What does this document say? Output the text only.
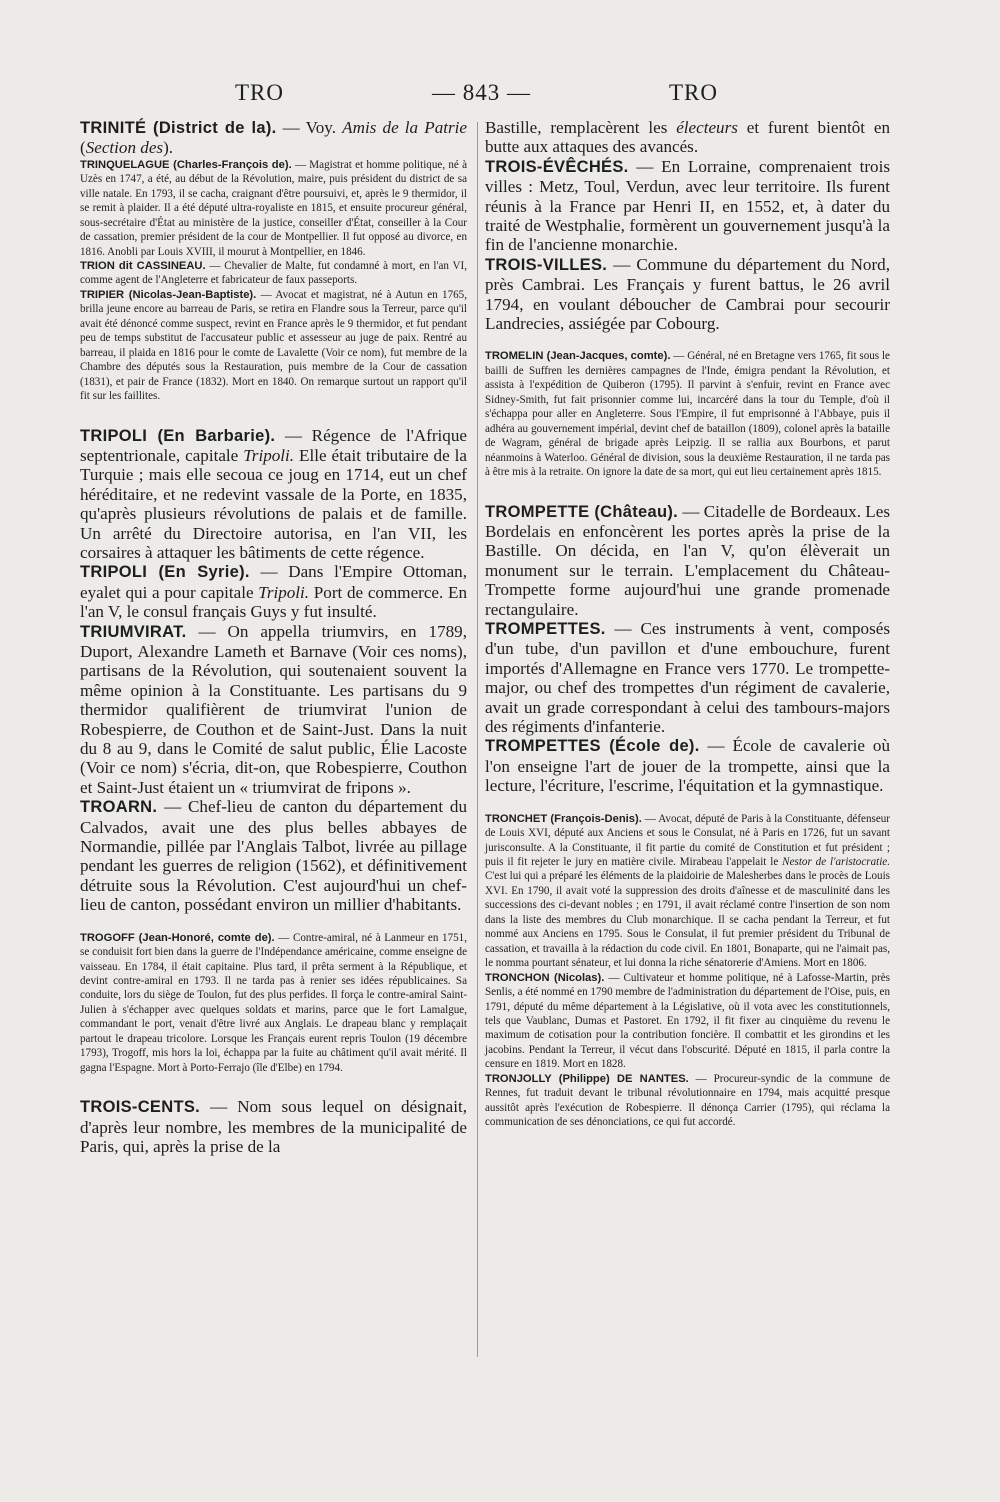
TRO	— 843 —	TRO

TRINITÉ (District de la). — Voy. Amis de la Patrie (Section des).

TRINQUELAGUE (Charles-François de). — Magistrat et homme politique, né à Uzès en 1747, a été, au début de la Révolution, maire, puis président du district de sa ville natale. En 1793, il se cacha, craignant d'être poursuivi, et, après le 9 thermidor, il se remit à plaider. Il a été député ultra-royaliste en 1815, et ensuite procureur général, sous-secrétaire d'État au ministère de la justice, conseiller d'État, conseiller à la Cour de cassation, premier président de la cour de Montpellier. Il fut opposé au divorce, en 1816. Anobli par Louis XVIII, il mourut à Montpellier, en 1846.

TRION dit CASSINEAU. — Chevalier de Malte, fut condamné à mort, en l'an VI, comme agent de l'Angleterre et fabricateur de faux passeports.

TRIPIER (Nicolas-Jean-Baptiste). — Avocat et magistrat, né à Autun en 1765, brilla jeune encore au barreau de Paris, se retira en Flandre sous la Terreur, parce qu'il avait été dénoncé comme suspect, revint en France après le 9 thermidor, et fut pendant peu de temps substitut de l'accusateur public et assesseur au juge de paix. Rentré au barreau, il plaida en 1816 pour le comte de Lavalette (Voir ce nom), fut membre de la Chambre des députés sous la Restauration, puis membre de la Cour de cassation (1831), et pair de France (1832). Mort en 1840. On remarque surtout un rapport qu'il fit sur les faillites.

TRIPOLI (En Barbarie). — Régence de l'Afrique septentrionale, capitale Tripoli. Elle était tributaire de la Turquie ; mais elle secoua ce joug en 1714, eut un chef héréditaire, et ne redevint vassale de la Porte, en 1835, qu'après plusieurs révolutions de palais et de famille. Un arrêté du Directoire autorisa, en l'an VII, les corsaires à attaquer les bâtiments de cette régence.

TRIPOLI (En Syrie). — Dans l'Empire Ottoman, eyalet qui a pour capitale Tripoli. Port de commerce. En l'an V, le consul français Guys y fut insulté.

TRIUMVIRAT. — On appella triumvirs, en 1789, Duport, Alexandre Lameth et Barnave (Voir ces noms), partisans de la Révolution, qui soutenaient souvent la même opinion à la Constituante. Les partisans du 9 thermidor qualifièrent de triumvirat l'union de Robespierre, de Couthon et de Saint-Just. Dans la nuit du 8 au 9, dans le Comité de salut public, Élie Lacoste (Voir ce nom) s'écria, dit-on, que Robespierre, Couthon et Saint-Just étaient un « triumvirat de fripons ».

TROARN. — Chef-lieu de canton du département du Calvados, avait une des plus belles abbayes de Normandie, pillée par l'Anglais Talbot, livrée au pillage pendant les guerres de religion (1562), et définitivement détruite sous la Révolution. C'est aujourd'hui un chef-lieu de canton, possédant environ un millier d'habitants.

TROGOFF (Jean-Honoré, comte de). — Contre-amiral, né à Lanmeur en 1751, se conduisit fort bien dans la guerre de l'Indépendance américaine, comme enseigne de vaisseau. En 1784, il était capitaine. Plus tard, il prêta serment à la République, et devint contre-amiral en 1793. Il ne tarda pas à renier ses idées républicaines. Sa conduite, lors du siège de Toulon, fut des plus perfides. Il força le contre-amiral Saint-Julien à s'échapper avec quelques soldats et marins, parce que le fort Lamalgue, commandant le port, venait d'être livré aux Anglais. Le drapeau blanc y remplaçait partout le drapeau tricolore. Lorsque les Français eurent repris Toulon (19 décembre 1793), Trogoff, mis hors la loi, échappa par la fuite au châtiment qu'il avait mérité. Il gagna l'Espagne. Mort à Porto-Ferrajo (île d'Elbe) en 1794.

TROIS-CENTS. — Nom sous lequel on désignait, d'après leur nombre, les membres de la municipalité de Paris, qui, après la prise de la

Bastille, remplacèrent les électeurs et furent bientôt en butte aux attaques des avancés.

TROIS-ÉVÊCHÉS. — En Lorraine, comprenaient trois villes : Metz, Toul, Verdun, avec leur territoire. Ils furent réunis à la France par Henri II, en 1552, et, à dater du traité de Westphalie, formèrent un gouvernement jusqu'à la fin de l'ancienne monarchie.

TROIS-VILLES. — Commune du département du Nord, près Cambrai. Les Français y furent battus, le 26 avril 1794, en voulant déboucher de Cambrai pour secourir Landrecies, assiégée par Cobourg.

TROMELIN (Jean-Jacques, comte). — Général, né en Bretagne vers 1765, fit sous le bailli de Suffren les dernières campagnes de l'Inde, émigra pendant la Révolution, et assista à l'expédition de Quiberon (1795). Il parvint à s'enfuir, revint en France avec Sidney-Smith, fut fait prisonnier comme lui, incarcéré dans la tour du Temple, d'où il s'échappa pour aller en Angleterre. Sous l'Empire, il fut emprisonné à l'Abbaye, puis il adhéra au gouvernement impérial, devint chef de bataillon (1809), colonel après la bataille de Wagram, général de brigade après Leipzig. Il se rallia aux Bourbons, et parut néanmoins à Waterloo. Général de division, sous la deuxième Restauration, il ne tarda pas à être mis à la retraite. On ignore la date de sa mort, qui eut lieu certainement après 1815.

TROMPETTE (Château). — Citadelle de Bordeaux. Les Bordelais en enfoncèrent les portes après la prise de la Bastille. On décida, en l'an V, qu'on élèverait un monument sur le terrain. L'emplacement du Château-Trompette forme aujourd'hui une grande promenade rectangulaire.

TROMPETTES. — Ces instruments à vent, composés d'un tube, d'un pavillon et d'une embouchure, furent importés d'Allemagne en France vers 1770. Le trompette-major, ou chef des trompettes d'un régiment de cavalerie, avait un grade correspondant à celui des tambours-majors des régiments d'infanterie.

TROMPETTES (École de). — École de cavalerie où l'on enseigne l'art de jouer de la trompette, ainsi que la lecture, l'écriture, l'escrime, l'équitation et la gymnastique.

TRONCHET (François-Denis). — Avocat, député de Paris à la Constituante, défenseur de Louis XVI, député aux Anciens et sous le Consulat, né à Paris en 1726, fut un savant jurisconsulte. A la Constituante, il fit partie du comité de Constitution et fut président ; puis il fit rejeter le jury en matière civile. Mirabeau l'appelait le Nestor de l'aristocratie. C'est lui qui a préparé les éléments de la plaidoirie de Malesherbes dans le procès de Louis XVI. En 1790, il avait voté la suppression des droits d'aînesse et de masculinité dans les successions des ci-devant nobles ; en 1791, il avait réclamé contre l'insertion de son nom dans la liste des membres du Club monarchique. Il se cacha pendant la Terreur, et fut nommé aux Anciens en 1795. Sous le Consulat, il fut premier président du Tribunal de cassation, et travailla à la rédaction du code civil. En 1801, Bonaparte, qui ne l'aimait pas, le nomma pourtant sénateur, et lui donna la riche sénatorerie d'Amiens. Mort en 1806.

TRONCHON (Nicolas). — Cultivateur et homme politique, né à Lafosse-Martin, près Senlis, a été nommé en 1790 membre de l'administration du département de l'Oise, puis, en 1791, député du même département à la Législative, où il vota avec les constitutionnels, tels que Vaublanc, Dumas et Pastoret. En 1792, il fit fixer au cinquième du revenu le maximum de cotisation pour la contribution foncière. Il combattit et les girondins et les jacobins. Pendant la Terreur, il vécut dans l'obscurité. Député en 1815, il parla contre la censure en 1819. Mort en 1828.

TRONJOLLY (Philippe) DE NANTES. — Procureur-syndic de la commune de Rennes, fut traduit devant le tribunal révolutionnaire en 1794, mais acquitté presque aussitôt après l'exécution de Robespierre. Il dénonça Carrier (1795), qui réclama la communication de ses dénonciations, ce qui fut accordé.
